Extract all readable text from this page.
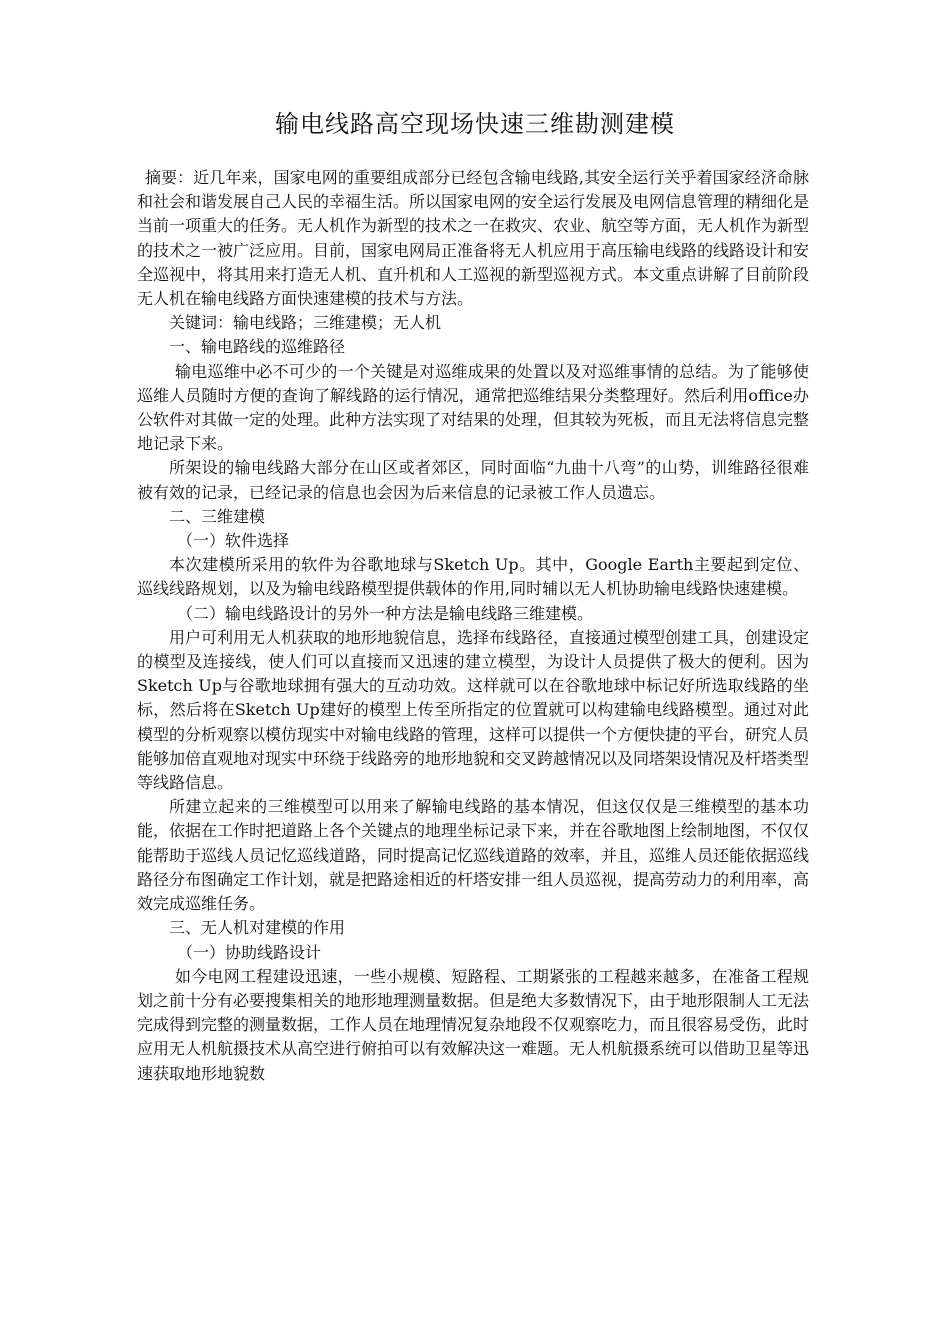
输电线路高空现场快速三维勘测建模

摘要：近几年来，国家电网的重要组成部分已经包含输电线路,其安全运行关乎着国家经济命脉和社会和谐发展自己人民的幸福生活。所以国家电网的安全运行发展及电网信息管理的精细化是当前一项重大的任务。无人机作为新型的技术之一在救灾、农业、航空等方面，无人机作为新型的技术之一被广泛应用。目前，国家电网局正准备将无人机应用于高压输电线路的线路设计和安全巡视中，将其用来打造无人机、直升机和人工巡视的新型巡视方式。本文重点讲解了目前阶段无人机在输电线路方面快速建模的技术与方法。

关键词：输电线路；三维建模；无人机

一、输电路线的巡维路径

输电巡维中必不可少的一个关键是对巡维成果的处置以及对巡维事情的总结。为了能够使巡维人员随时方便的查询了解线路的运行情况，通常把巡维结果分类整理好。然后利用office办公软件对其做一定的处理。此种方法实现了对结果的处理，但其较为死板，而且无法将信息完整地记录下来。

所架设的输电线路大部分在山区或者郊区，同时面临“九曲十八弯”的山势，训维路径很难被有效的记录，已经记录的信息也会因为后来信息的记录被工作人员遗忘。

二、三维建模

（一）软件选择

本次建模所采用的软件为谷歌地球与Sketch Up。其中，Google Earth主要起到定位、巡线线路规划，以及为输电线路模型提供载体的作用,同时辅以无人机协助输电线路快速建模。

（二）输电线路设计的另外一种方法是输电线路三维建模。

用户可利用无人机获取的地形地貌信息，选择布线路径，直接通过模型创建工具，创建设定的模型及连接线，使人们可以直接而又迅速的建立模型，为设计人员提供了极大的便利。因为Sketch Up与谷歌地球拥有强大的互动功效。这样就可以在谷歌地球中标记好所选取线路的坐标，然后将在Sketch Up建好的模型上传至所指定的位置就可以构建输电线路模型。通过对此模型的分析观察以模仿现实中对输电线路的管理，这样可以提供一个方便快捷的平台，研究人员能够加倍直观地对现实中环绕于线路旁的地形地貌和交叉跨越情况以及同塔架设情况及杆塔类型等线路信息。

所建立起来的三维模型可以用来了解输电线路的基本情况，但这仅仅是三维模型的基本功能，依据在工作时把道路上各个关键点的地理坐标记录下来，并在谷歌地图上绘制地图，不仅仅能帮助于巡线人员记忆巡线道路，同时提高记忆巡线道路的效率，并且，巡维人员还能依据巡线路径分布图确定工作计划，就是把路途相近的杆塔安排一组人员巡视，提高劳动力的利用率，高效完成巡维任务。

三、无人机对建模的作用

（一）协助线路设计

如今电网工程建设迅速，一些小规模、短路程、工期紧张的工程越来越多，在准备工程规划之前十分有必要搜集相关的地形地理测量数据。但是绝大多数情况下，由于地形限制人工无法完成得到完整的测量数据，工作人员在地理情况复杂地段不仅观察吃力，而且很容易受伤，此时应用无人机航摄技术从高空进行俯拍可以有效解决这一难题。无人机航摄系统可以借助卫星等迅速获取地形地貌数
